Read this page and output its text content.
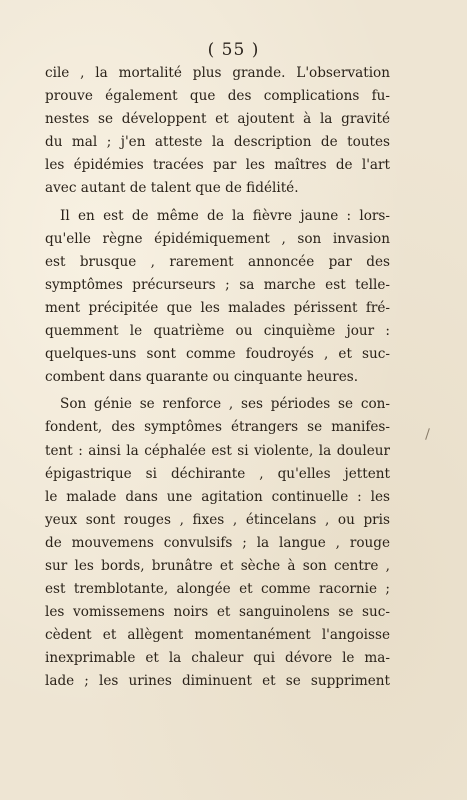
( 55 )

cile , la mortalité plus grande. L'observation
prouve également que des complications fu-
nestes se développent et ajoutent à la gravité
du mal ; j'en atteste la description de toutes
les épidémies tracées par les maîtres de l'art
avec autant de talent que de fidélité.
Il en est de même de la fièvre jaune : lors-
qu'elle règne épidémiquement , son invasion
est brusque , rarement annoncée par des
symptômes précurseurs ; sa marche est telle-
ment précipitée que les malades périssent fré-
quemment le quatrième ou cinquième jour :
quelques-uns sont comme foudroyés , et suc-
combent dans quarante ou cinquante heures.
Son génie se renforce , ses périodes se con-
fondent, des symptômes étrangers se manifes-
tent : ainsi la céphalée est si violente, la douleur
épigastrique si déchirante , qu'elles jettent
le malade dans une agitation continuelle : les
yeux sont rouges , fixes , étincelans , ou pris
de mouvemens convulsifs ; la langue , rouge
sur les bords, brunâtre et sèche à son centre ,
est tremblotante, alongée et comme racornie ;
les vomissemens noirs et sanguinolens se suc-
cèdent et allègent momentanément l'angoisse
inexprimable et la chaleur qui dévore le ma-
lade ; les urines diminuent et se suppriment
